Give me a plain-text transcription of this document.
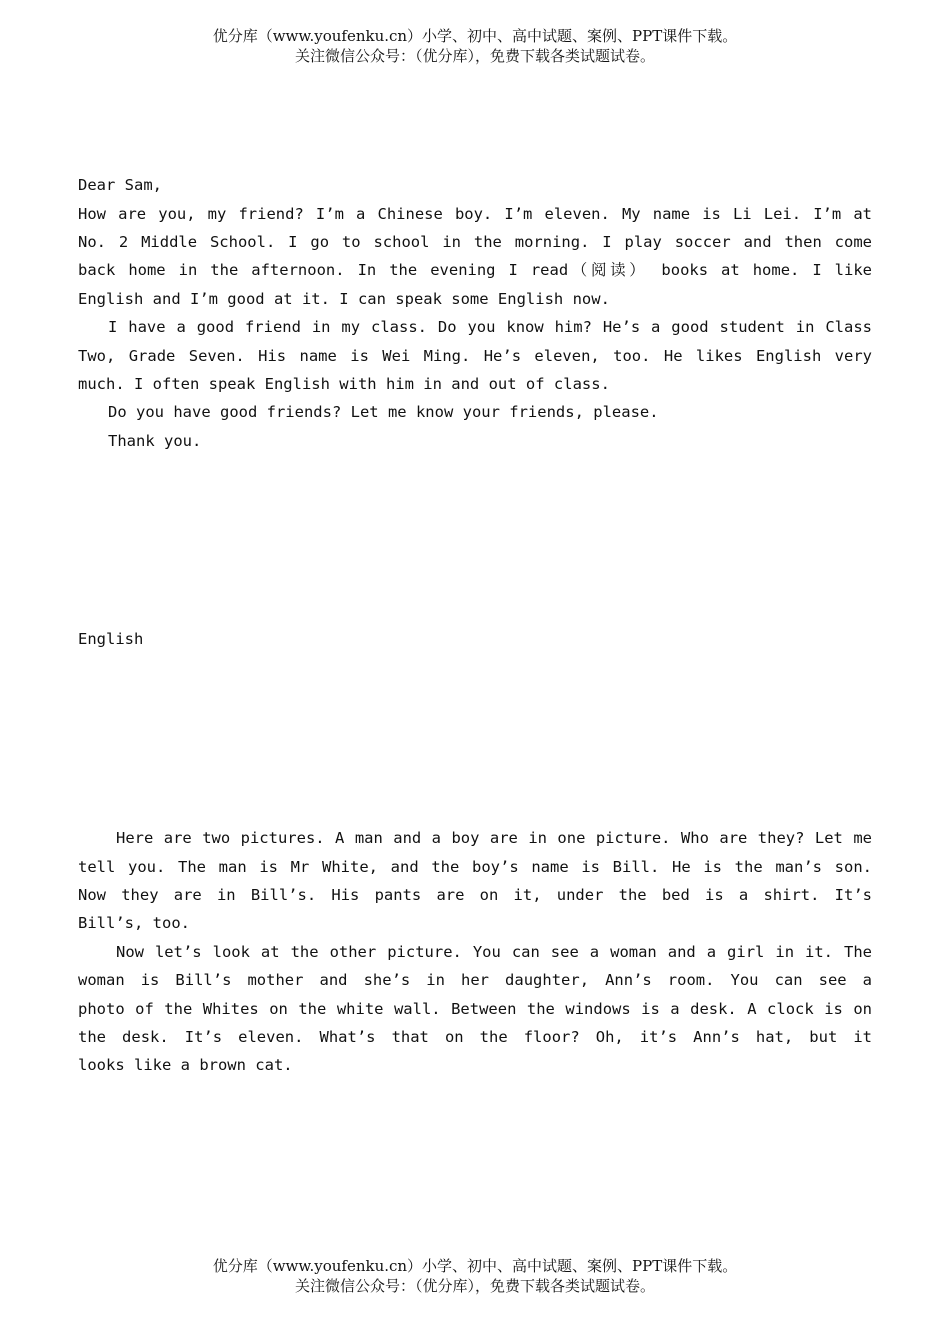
优分库（www.youfenku.cn）小学、初中、高中试题、案例、PPT课件下载。
关注微信公众号：（优分库），免费下载各类试题试卷。

Dear Sam,
How are you, my friend? I’m a Chinese boy. I’m eleven. My name is Li Lei. I’m at
No. 2 Middle School. I go to school in the morning. I play soccer and then come
back home in the afternoon. In the evening I read（阅读） books at home. I like
English and I’m good at it. I can speak some English now.
I have a good friend in my class. Do you know him? He’s a good student in Class
Two, Grade Seven. His name is Wei Ming. He’s eleven, too. He likes English very
much. I often speak English with him in and out of class.
Do you have good friends? Let me know your friends, please.
Thank you.

English

Here are two pictures. A man and a boy are in one picture. Who are they? Let me
tell you. The man is Mr White, and the boy’s name is Bill. He is the man’s son.
Now they are in Bill’s. His pants are on it, under the bed is a shirt. It’s
Bill’s, too.
Now let’s look at the other picture. You can see a woman and a girl in it. The
woman is Bill’s mother and she’s in her daughter, Ann’s room. You can see a
photo of the Whites on the white wall. Between the windows is a desk. A clock is on
the desk. It’s eleven. What’s that on the floor? Oh, it’s Ann’s hat, but it
looks like a brown cat.

优分库（www.youfenku.cn）小学、初中、高中试题、案例、PPT课件下载。
关注微信公众号：（优分库），免费下载各类试题试卷。
